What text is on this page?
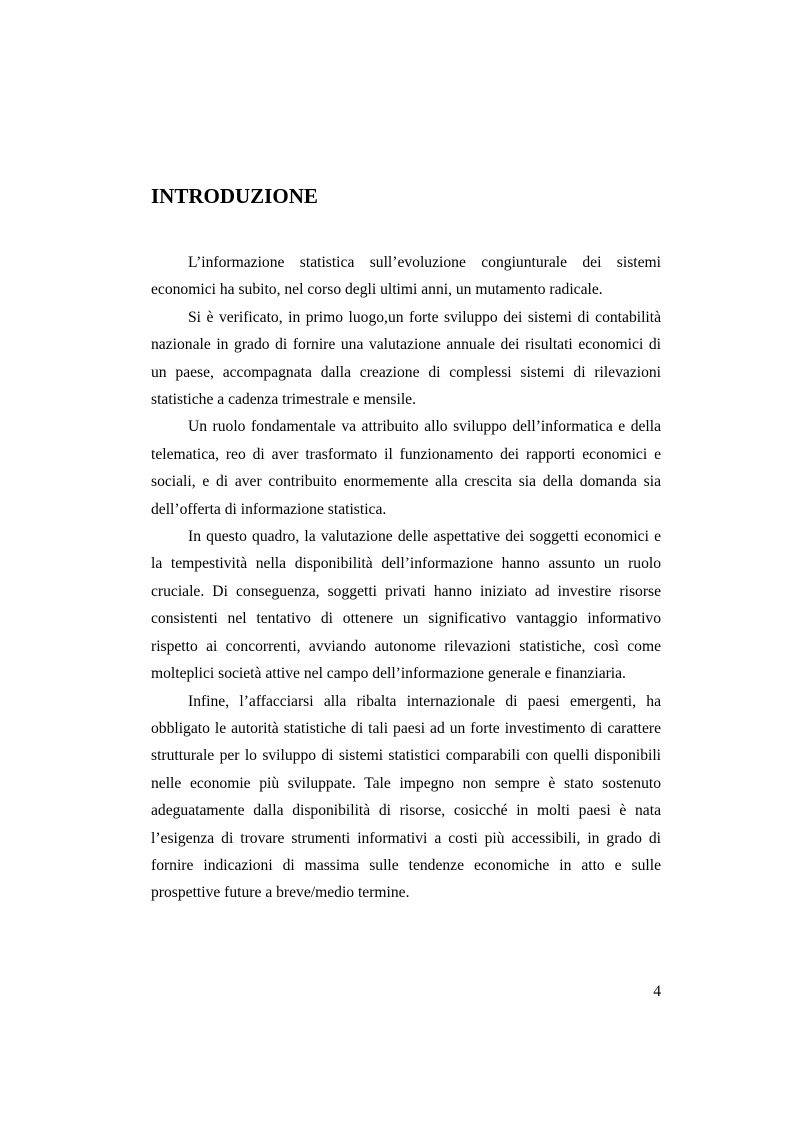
INTRODUZIONE

L’informazione statistica sull’evoluzione congiunturale dei sistemi economici ha subito, nel corso degli ultimi anni, un mutamento radicale.

Si è verificato, in primo luogo,un forte sviluppo dei sistemi di contabilità nazionale in grado di fornire una valutazione annuale dei risultati economici di un paese, accompagnata dalla creazione di complessi sistemi di rilevazioni statistiche a cadenza trimestrale e mensile.

Un ruolo fondamentale va attribuito allo sviluppo dell’informatica e della telematica, reo di aver trasformato il funzionamento dei rapporti economici e sociali, e di aver contribuito enormemente alla crescita sia della domanda sia dell’offerta di informazione statistica.

In questo quadro, la valutazione delle aspettative dei soggetti economici e la tempestività nella disponibilità dell’informazione hanno assunto un ruolo cruciale. Di conseguenza, soggetti privati hanno iniziato ad investire risorse consistenti nel tentativo di ottenere un significativo vantaggio informativo rispetto ai concorrenti, avviando autonome rilevazioni statistiche, così come molteplici società attive nel campo dell’informazione generale e finanziaria.

Infine, l’affacciarsi alla ribalta internazionale di paesi emergenti, ha obbligato le autorità statistiche di tali paesi ad un forte investimento di carattere strutturale per lo sviluppo di sistemi statistici comparabili con quelli disponibili nelle economie più sviluppate. Tale impegno non sempre è stato sostenuto adeguatamente dalla disponibilità di risorse, cosicché in molti paesi è nata l’esigenza di trovare strumenti informativi a costi più accessibili, in grado di fornire indicazioni di massima sulle tendenze economiche in atto e sulle prospettive future a breve/medio termine.

4
